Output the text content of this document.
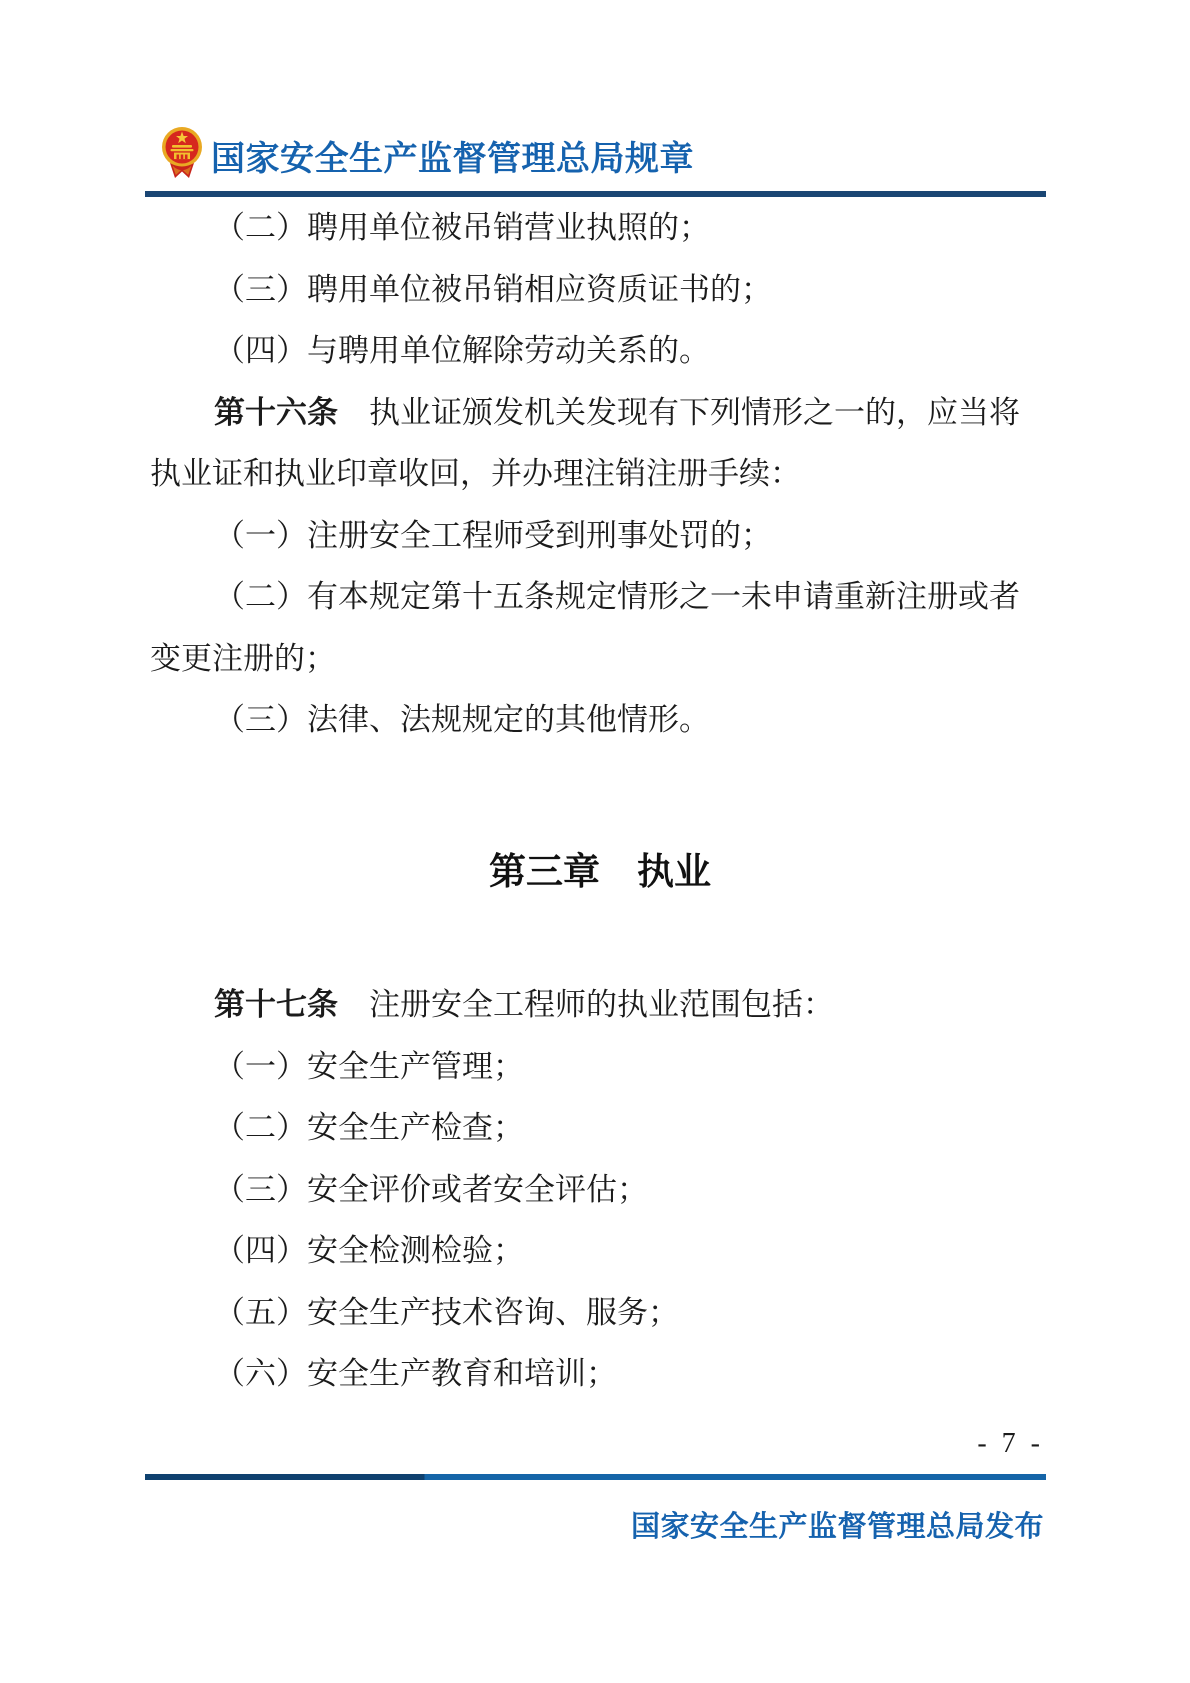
国家安全生产监督管理总局规章
（二）聘用单位被吊销营业执照的；
（三）聘用单位被吊销相应资质证书的；
（四）与聘用单位解除劳动关系的。
第十六条　执业证颁发机关发现有下列情形之一的，应当将
执业证和执业印章收回，并办理注销注册手续：
（一）注册安全工程师受到刑事处罚的；
（二）有本规定第十五条规定情形之一未申请重新注册或者
变更注册的；
（三）法律、法规规定的其他情形。
第三章　执业
第十七条　注册安全工程师的执业范围包括：
（一）安全生产管理；
（二）安全生产检查；
（三）安全评价或者安全评估；
（四）安全检测检验；
（五）安全生产技术咨询、服务；
（六）安全生产教育和培训；
- 7 -
国家安全生产监督管理总局发布
